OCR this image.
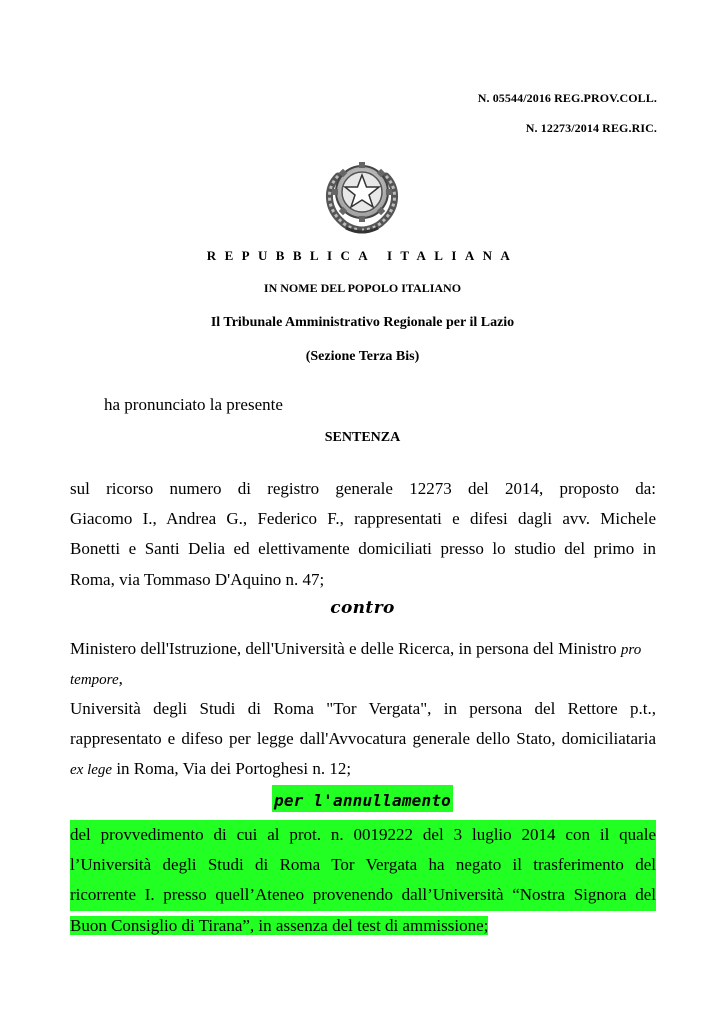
N. 05544/2016 REG.PROV.COLL.
N. 12273/2014 REG.RIC.
REPUBBLICA ITALIANA
IN NOME DEL POPOLO ITALIANO
Il Tribunale Amministrativo Regionale per il Lazio
(Sezione Terza Bis)
ha pronunciato la presente
SENTENZA
sul ricorso numero di registro generale 12273 del 2014, proposto da:
Giacomo I., Andrea G., Federico F., rappresentati e difesi dagli avv. Michele
Bonetti e Santi Delia ed elettivamente domiciliati presso lo studio del primo in
Roma, via Tommaso D'Aquino n. 47;
contro
Ministero dell'Istruzione, dell'Università e delle Ricerca, in persona del Ministro pro
tempore,
Università degli Studi di Roma "Tor Vergata", in persona del Rettore p.t.,
rappresentato e difeso per legge dall'Avvocatura generale dello Stato, domiciliataria
ex lege in Roma, Via dei Portoghesi n. 12;
per l'annullamento
del provvedimento di cui al prot. n. 0019222 del 3 luglio 2014 con il quale
l’Università degli Studi di Roma Tor Vergata ha negato il trasferimento del
ricorrente I. presso quell’Ateneo provenendo dall’Università “Nostra Signora del
Buon Consiglio di Tirana”, in assenza del test di ammissione;
